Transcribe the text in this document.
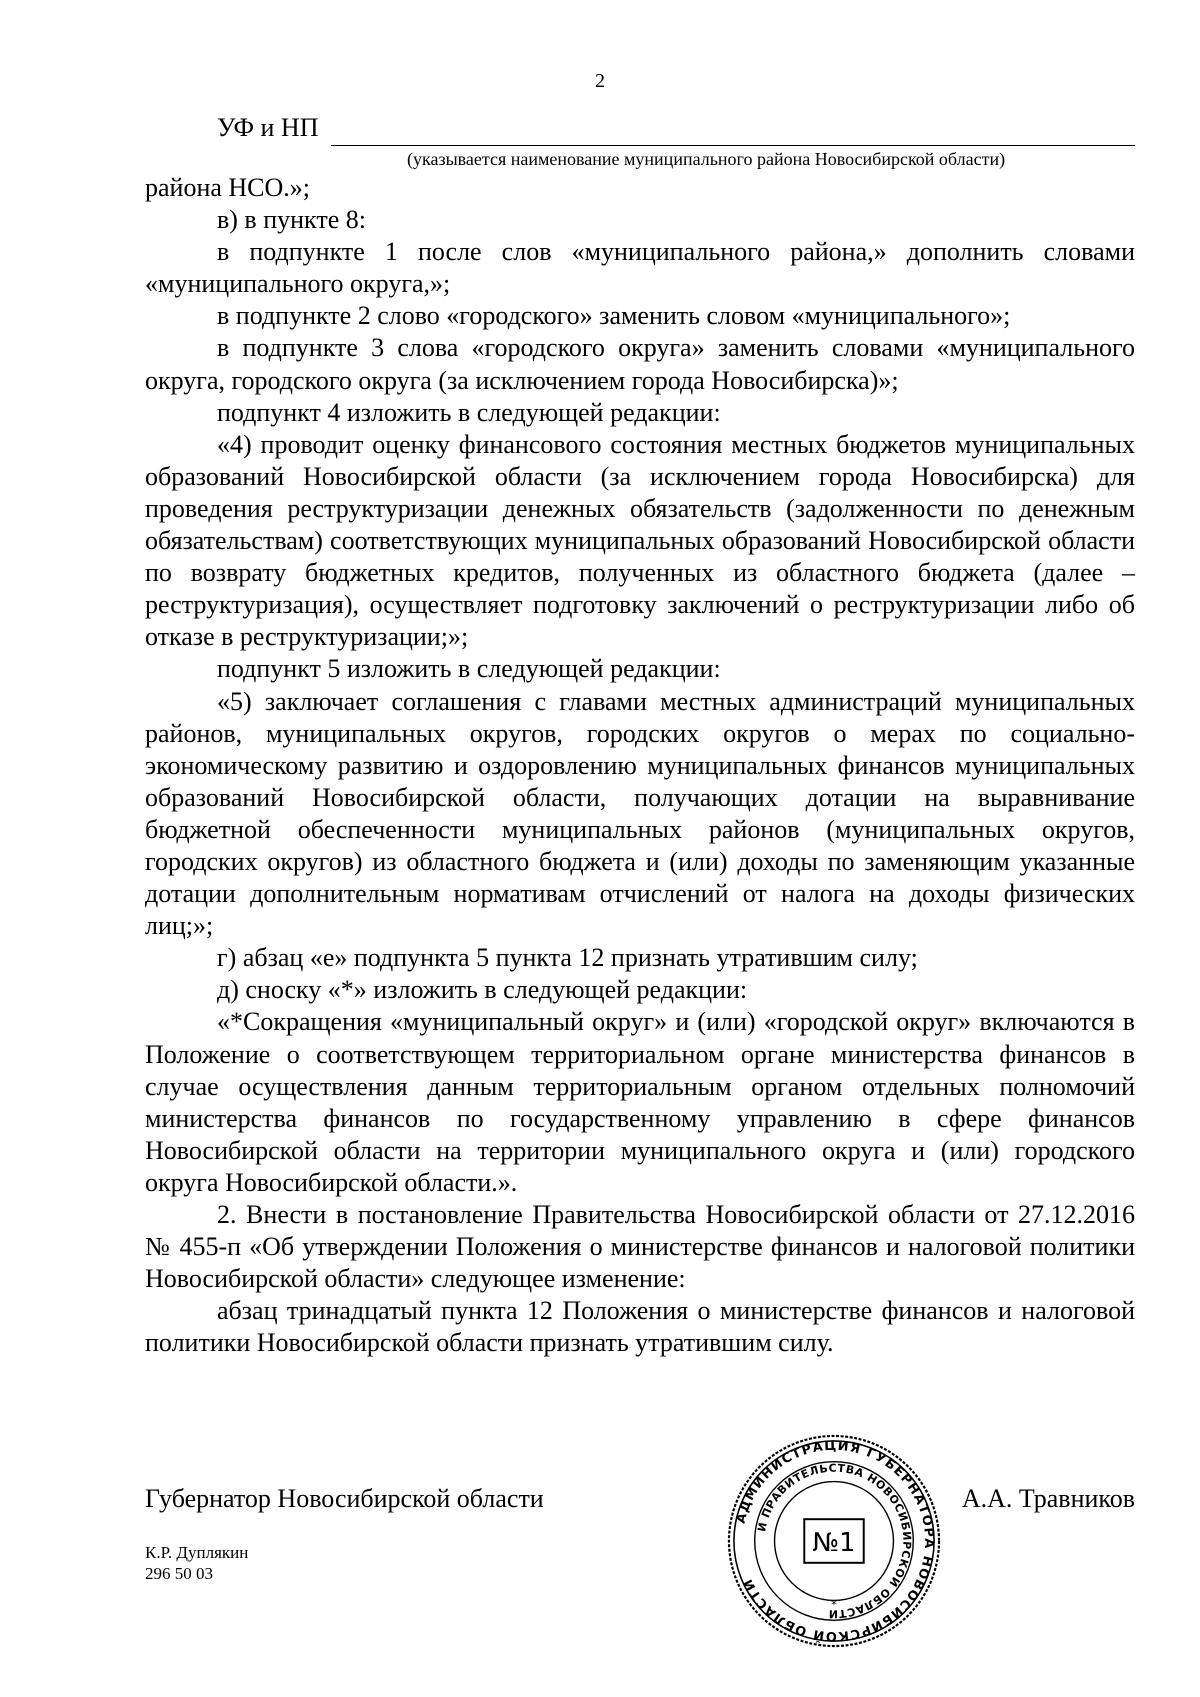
2
УФ и НП
(указывается наименование муниципального района Новосибирской области)

района НСО.»;

в) в пункте 8:

в подпункте 1 после слов «муниципального района,» дополнить словами «муниципального округа,»;

в подпункте 2 слово «городского» заменить словом «муниципального»;

в подпункте 3 слова «городского округа» заменить словами «муниципального округа, городского округа (за исключением города Новосибирска)»;

подпункт 4 изложить в следующей редакции:

«4) проводит оценку финансового состояния местных бюджетов муниципальных образований Новосибирской области (за исключением города Новосибирска) для проведения реструктуризации денежных обязательств (задолженности по денежным обязательствам) соответствующих муниципальных образований Новосибирской области по возврату бюджетных кредитов, полученных из областного бюджета (далее – реструктуризация), осуществляет подготовку заключений о реструктуризации либо об отказе в реструктуризации;»;

подпункт 5 изложить в следующей редакции:

«5) заключает соглашения с главами местных администраций муниципальных районов, муниципальных округов, городских округов о мерах по социально-экономическому развитию и оздоровлению муниципальных финансов муниципальных образований Новосибирской области, получающих дотации на выравнивание бюджетной обеспеченности муниципальных районов (муниципальных округов, городских округов) из областного бюджета и (или) доходы по заменяющим указанные дотации дополнительным нормативам отчислений от налога на доходы физических лиц;»;

г) абзац «е» подпункта 5 пункта 12 признать утратившим силу;

д) сноску «*» изложить в следующей редакции:

«*Сокращения «муниципальный округ» и (или) «городской округ» включаются в Положение о соответствующем территориальном органе министерства финансов в случае осуществления данным территориальным органом отдельных полномочий министерства финансов по государственному управлению в сфере финансов Новосибирской области на территории муниципального округа и (или) городского округа Новосибирской области.».

2. Внести в постановление Правительства Новосибирской области от 27.12.2016 № 455-п «Об утверждении Положения о министерстве финансов и налоговой политики Новосибирской области» следующее изменение:

абзац тринадцатый пункта 12 Положения о министерстве финансов и налоговой политики Новосибирской области признать утратившим силу.

Губернатор Новосибирской области	А.А. Травников
К.Р. Дуплякин
296 50 03
АДМИНИСТРАЦИЯ ГУБЕРНАТОРА НОВОСИБИРСКОЙ ОБЛАСТИ
И ПРАВИТЕЛЬСТВА НОВОСИБИРСКОЙ ОБЛАСТИ
№1
*
